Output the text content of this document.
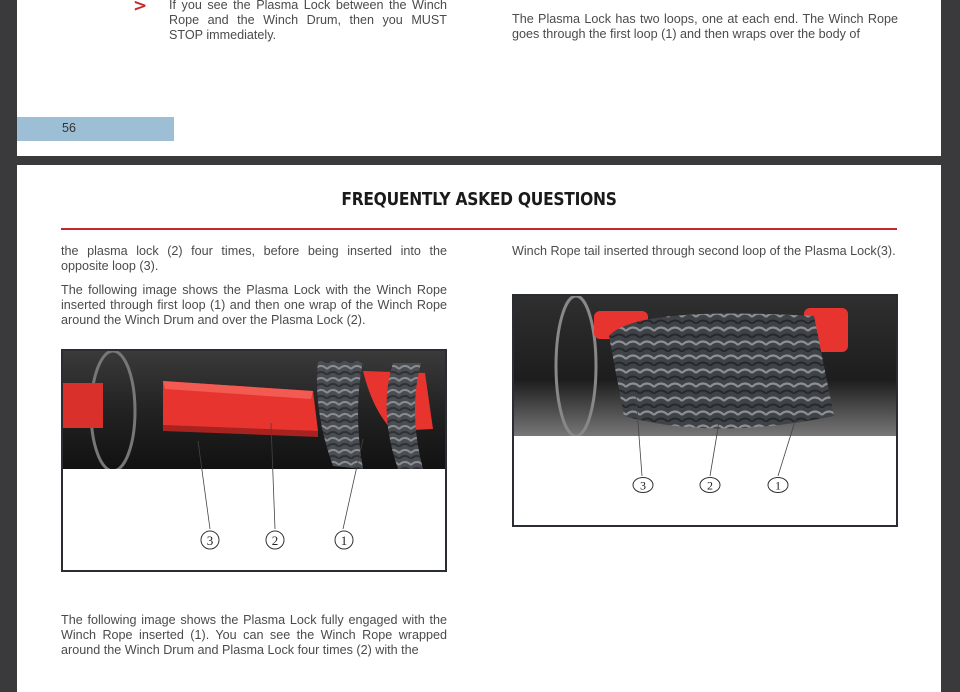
> If you see the Plasma Lock between the Winch Rope and the Winch Drum, then you MUST STOP immediately.
The Plasma Lock has two loops, one at each end. The Winch Rope goes through the first loop (1) and then wraps over the body of
56
FREQUENTLY ASKED QUESTIONS
the plasma lock (2) four times, before being inserted into the opposite loop (3).
The following image shows the Plasma Lock with the Winch Rope inserted through first loop (1) and then one wrap of the Winch Rope around the Winch Drum and over the Plasma Lock (2).
Winch Rope tail inserted through second loop of the Plasma Lock(3).
The following image shows the Plasma Lock fully engaged with the Winch Rope inserted (1). You can see the Winch Rope wrapped around the Winch Drum and Plasma Lock four times (2) with the
3	2	1
3	2	1
